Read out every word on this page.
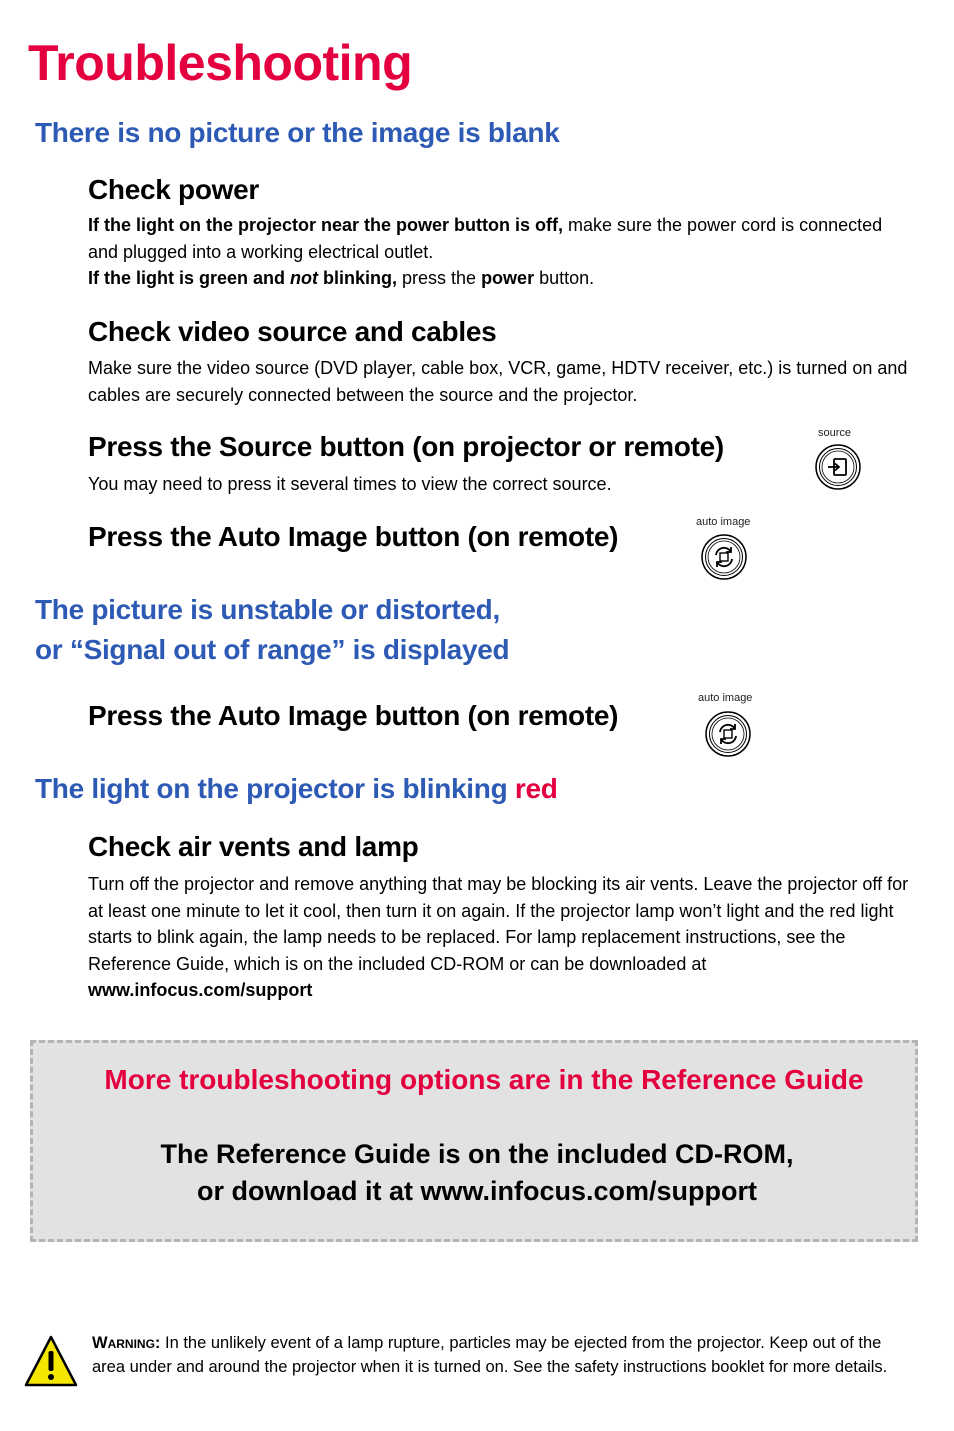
Troubleshooting
There is no picture or the image is blank
Check power

If the light on the projector near the power button is off, make sure the power cord is connected and plugged into a working electrical outlet.
If the light is green and not blinking, press the power button.

Check video source and cables

Make sure the video source (DVD player, cable box, VCR, game, HDTV receiver, etc.) is turned on and cables are securely connected between the source and the projector.

Press the Source button (on projector or remote)

You may need to press it several times to view the correct source.

source
Press the Auto Image button (on remote)	auto image
The picture is unstable or distorted,
or “Signal out of range” is displayed
Press the Auto Image button (on remote)
auto image
The light on the projector is blinking red
Check air vents and lamp

Turn off the projector and remove anything that may be blocking its air vents. Leave the projector off for at least one minute to let it cool, then turn it on again. If the projector lamp won’t light and the red light starts to blink again, the lamp needs to be replaced. For lamp replacement instructions, see the Reference Guide, which is on the included CD-ROM or can be downloaded at www.infocus.com/support

More troubleshooting options are in the Reference Guide

The Reference Guide is on the included CD-ROM,
or download it at www.infocus.com/support

Warning: In the unlikely event of a lamp rupture, particles may be ejected from the projector. Keep out of the area under and around the projector when it is turned on. See the safety instructions booklet for more details.
